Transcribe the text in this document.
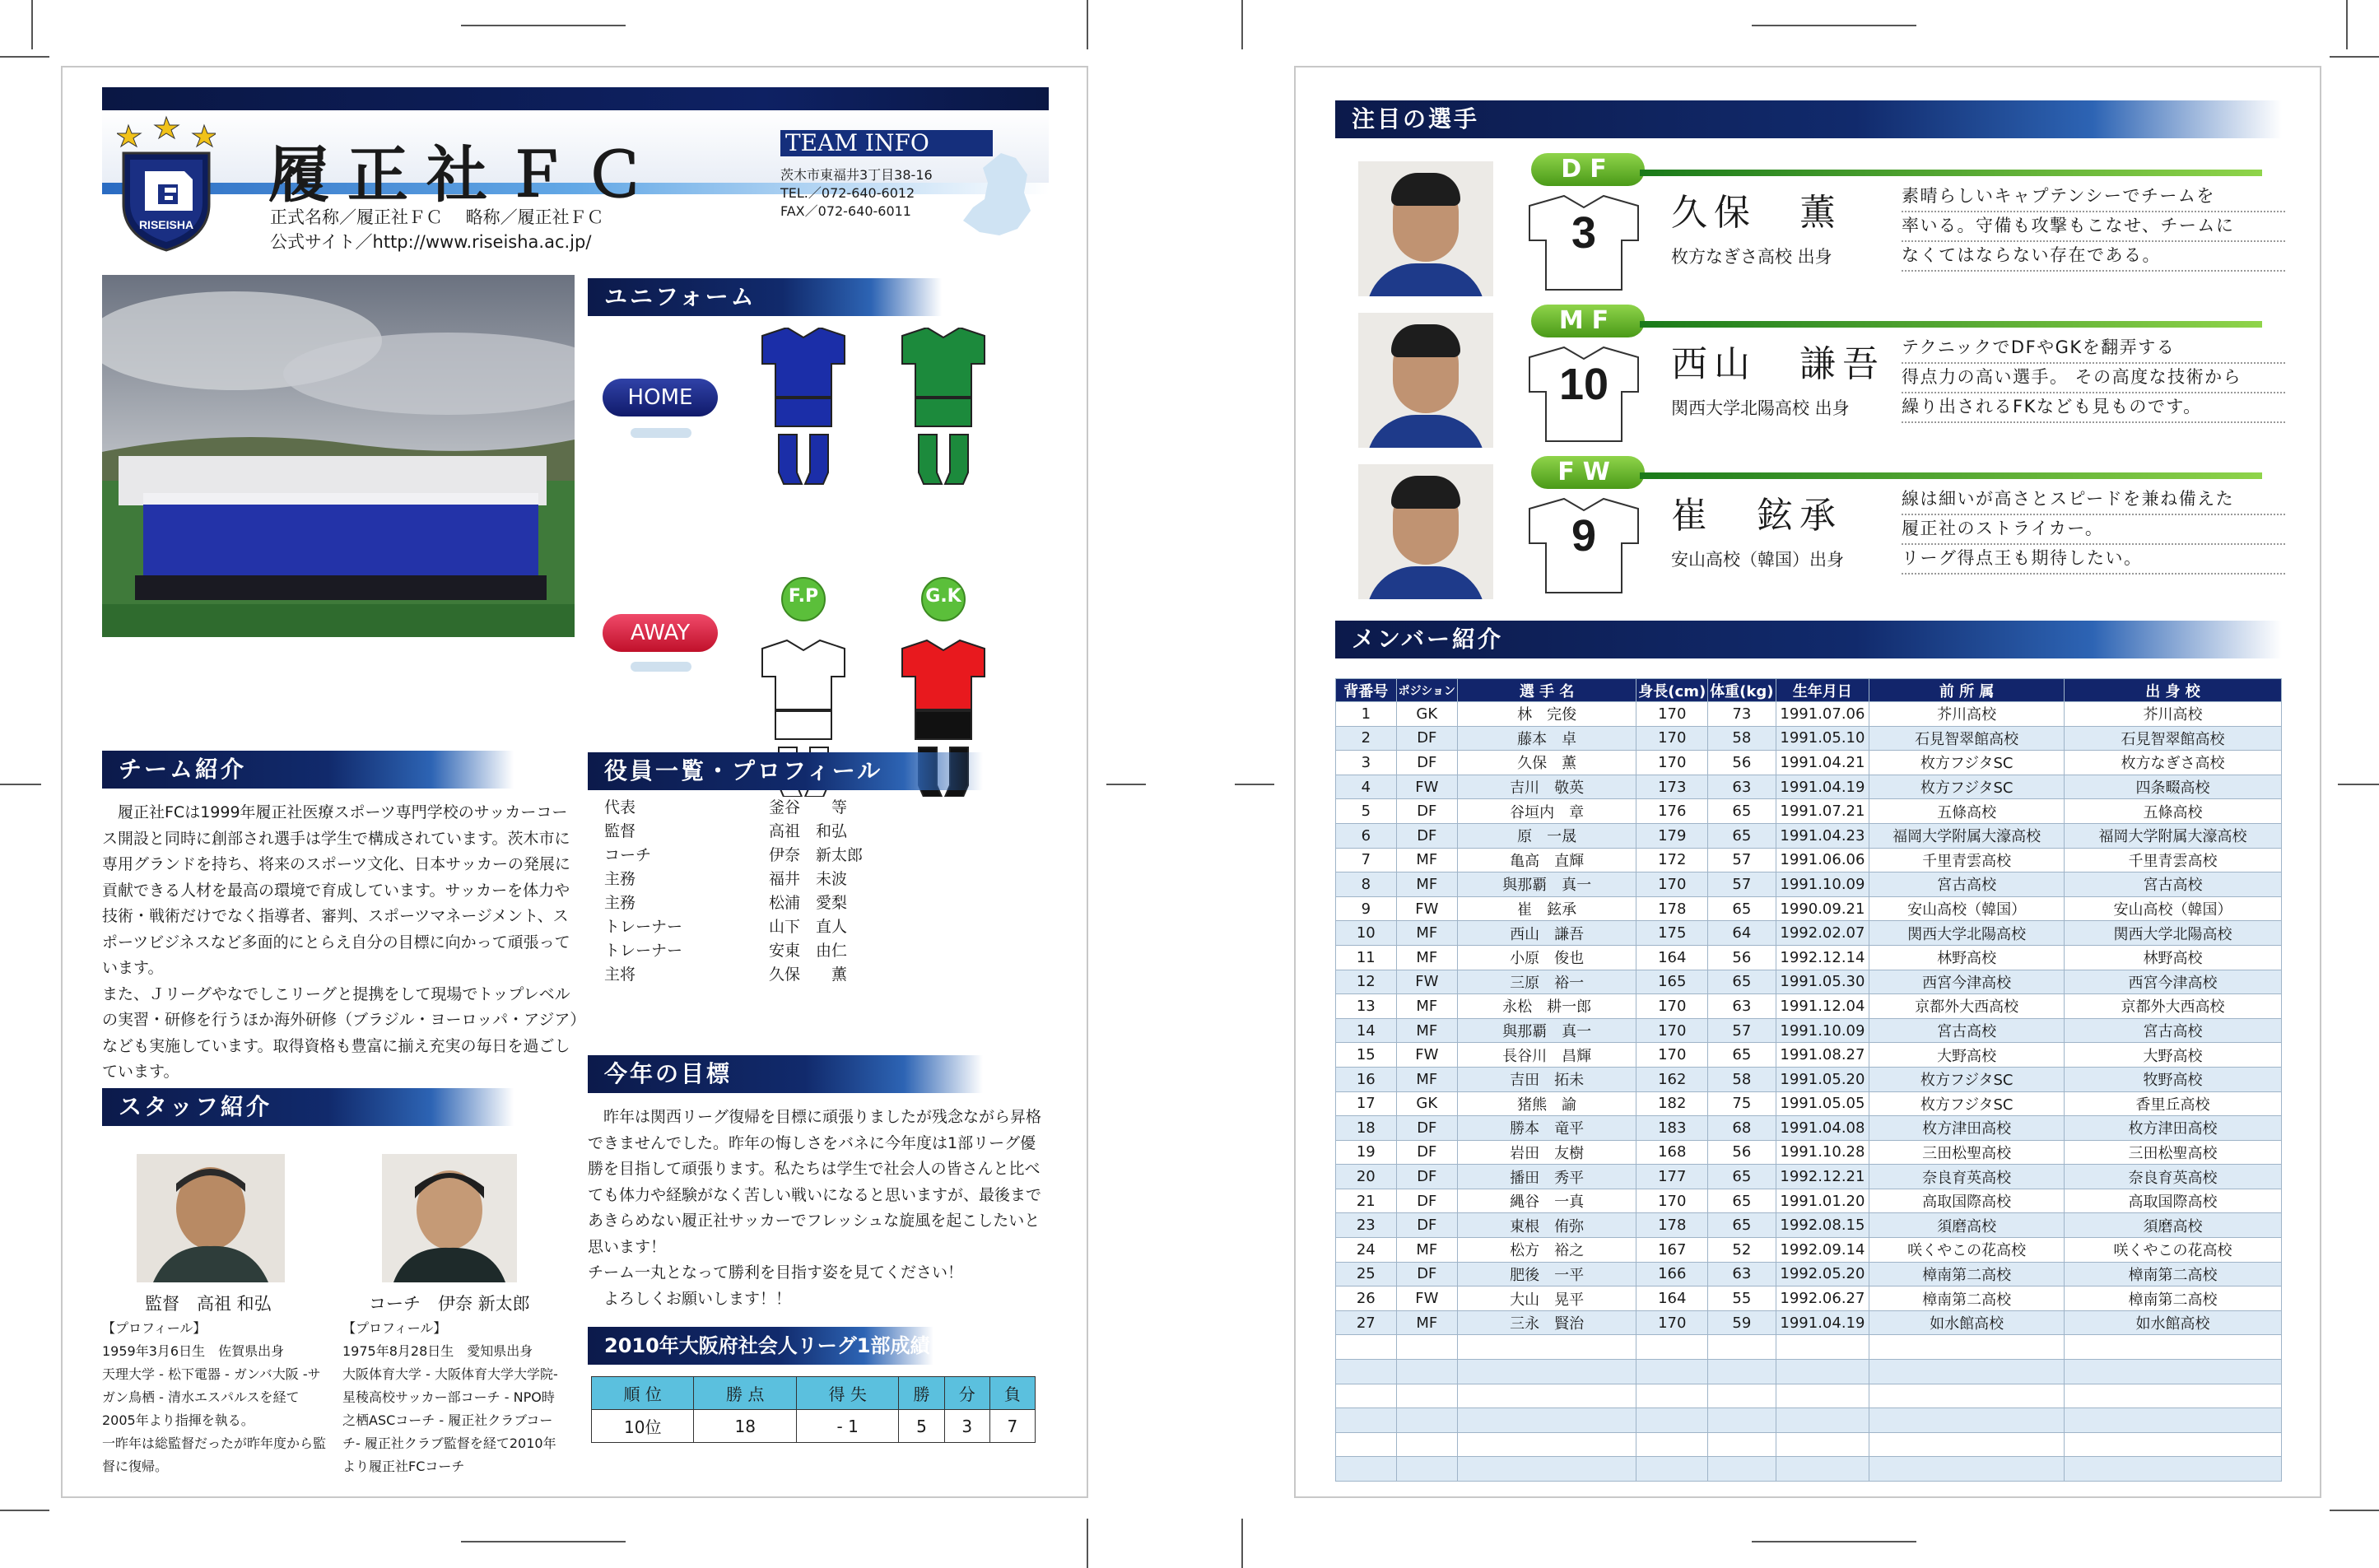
RISEISHA
履正社ＦＣ
正式名称／履正社ＦＣ　 略称／履正社ＦＣ
公式サイト／http://www.riseisha.ac.jp/
TEAM INFO
茨木市東福井3丁目38-16
TEL.／072-640-6012
FAX／072-640-6011
ユニフォーム
HOME
AWAY
F.P	G.K
チーム紹介
　履正社FCは1999年履正社医療スポーツ専門学校のサッカーコース開設と同時に創部され選手は学生で構成されています。茨木市に専用グランドを持ち、将来のスポーツ文化、日本サッカーの発展に貢献できる人材を最高の環境で育成しています。サッカーを体力や技術・戦術だけでなく指導者、審判、スポーツマネージメント、スポーツビジネスなど多面的にとらえ自分の目標に向かって頑張っています。
また、Ｊリーグやなでしこリーグと提携をして現場でトップレベルの実習・研修を行うほか海外研修（ブラジル・ヨーロッパ・アジア）なども実施しています。取得資格も豊富に揃え充実の毎日を過ごしています。
スタッフ紹介
監督　高祖 和弘	コーチ　伊奈 新太郎
【プロフィール】
1959年3月6日生　佐賀県出身
天理大学 - 松下電器 - ガンバ大阪 -サガン鳥栖 - 清水エスパルスを経て2005年より指揮を執る。
一昨年は総監督だったが昨年度から監督に復帰。
【プロフィール】
1975年8月28日生　愛知県出身
大阪体育大学 - 大阪体育大学大学院- 星稜高校サッカー部コーチ - NPO時之栖ASCコーチ - 履正社クラブコーチ- 履正社クラブ監督を経て2010年より履正社FCコーチ
役員一覧・プロフィール
代表	釜谷　　等
監督	高祖　和弘
コーチ	伊奈　新太郎
主務	福井　未波
主務	松浦　愛梨
トレーナー	山下　直人
トレーナー	安東　由仁
主将	久保　　薫
今年の目標
　昨年は関西リーグ復帰を目標に頑張りましたが残念ながら昇格できませんでした。昨年の悔しさをバネに今年度は1部リーグ優勝を目指して頑張ります。私たちは学生で社会人の皆さんと比べても体力や経験がなく苦しい戦いになると思いますが、最後まであきらめない履正社サッカーでフレッシュな旋風を起こしたいと思います！
チーム一丸となって勝利を目指す姿を見てください！
　よろしくお願いします！！
2010年大阪府社会人リーグ1部成績
順 位	勝 点	得 失	勝	分	負
10位	18	- 1	5	3	7
注目の選手
DF
3	久保　薫
枚方なぎさ高校 出身
素晴らしいキャプテンシーでチームを
率いる。守備も攻撃もこなせ、チームに
なくてはならない存在である。
MF
10	西山　謙吾
関西大学北陽高校 出身
テクニックでDFやGKを翻弄する
得点力の高い選手。 その高度な技術から
繰り出されるFKなども見ものです。
FW
9	崔　鉉承
安山高校（韓国）出身
線は細いが高さとスピードを兼ね備えた
履正社のストライカー。
リーグ得点王も期待したい。
メンバー紹介
背番号	ポジション	選 手 名	身長(cm)	体重(kg)	生年月日	前 所 属	出 身 校
1	GK	林　完俊	170	73	1991.07.06	芥川高校	芥川高校
2	DF	藤本　卓	170	58	1991.05.10	石見智翠館高校	石見智翠館高校
3	DF	久保　薫	170	56	1991.04.21	枚方フジタSC	枚方なぎさ高校
4	FW	吉川　敬英	173	63	1991.04.19	枚方フジタSC	四条畷高校
5	DF	谷垣内　章	176	65	1991.07.21	五條高校	五條高校
6	DF	原　一晟	179	65	1991.04.23	福岡大学附属大濠高校	福岡大学附属大濠高校
7	MF	亀高　直輝	172	57	1991.06.06	千里青雲高校	千里青雲高校
8	MF	與那覇　真一	170	57	1991.10.09	宮古高校	宮古高校
9	FW	崔　鉉承	178	65	1990.09.21	安山高校（韓国）	安山高校（韓国）
10	MF	西山　謙吾	175	64	1992.02.07	関西大学北陽高校	関西大学北陽高校
11	MF	小原　俊也	164	56	1992.12.14	林野高校	林野高校
12	FW	三原　裕一	165	65	1991.05.30	西宮今津高校	西宮今津高校
13	MF	永松　耕一郎	170	63	1991.12.04	京都外大西高校	京都外大西高校
14	MF	與那覇　真一	170	57	1991.10.09	宮古高校	宮古高校
15	FW	長谷川　昌輝	170	65	1991.08.27	大野高校	大野高校
16	MF	吉田　拓未	162	58	1991.05.20	枚方フジタSC	牧野高校
17	GK	猪熊　諭	182	75	1991.05.05	枚方フジタSC	香里丘高校
18	DF	勝本　竜平	183	68	1991.04.08	枚方津田高校	枚方津田高校
19	DF	岩田　友樹	168	56	1991.10.28	三田松聖高校	三田松聖高校
20	DF	播田　秀平	177	65	1992.12.21	奈良育英高校	奈良育英高校
21	DF	縄谷　一真	170	65	1991.01.20	高取国際高校	高取国際高校
23	DF	東根　侑弥	178	65	1992.08.15	須磨高校	須磨高校
24	MF	松方　裕之	167	52	1992.09.14	咲くやこの花高校	咲くやこの花高校
25	DF	肥後　一平	166	63	1992.05.20	樟南第二高校	樟南第二高校
26	FW	大山　晃平	164	55	1992.06.27	樟南第二高校	樟南第二高校
27	MF	三永　賢治	170	59	1991.04.19	如水館高校	如水館高校
